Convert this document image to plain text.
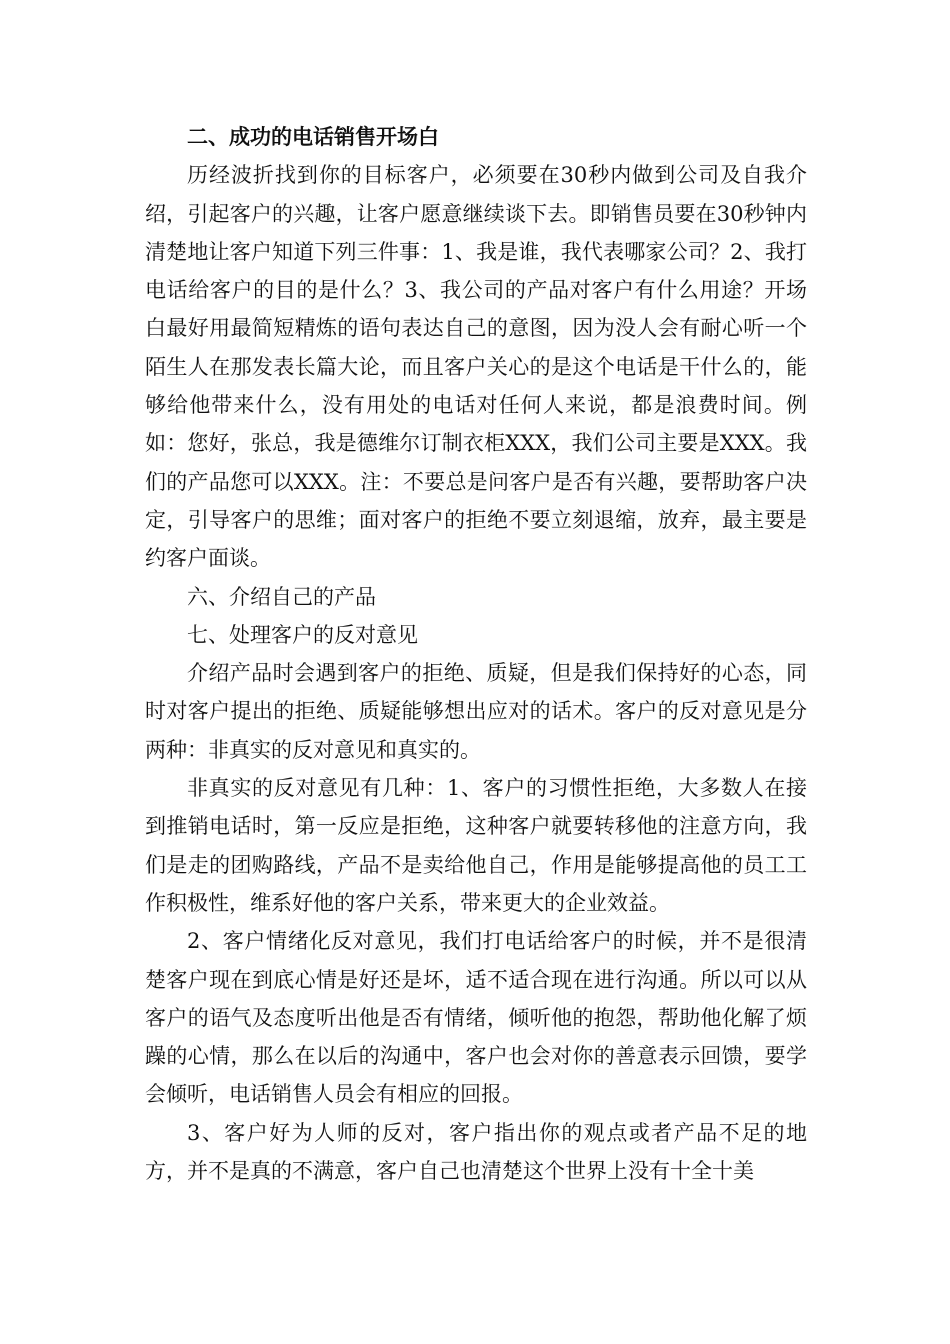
二、成功的电话销售开场白

历经波折找到你的目标客户，必须要在30秒内做到公司及自我介绍，引起客户的兴趣，让客户愿意继续谈下去。即销售员要在30秒钟内清楚地让客户知道下列三件事：1、我是谁，我代表哪家公司？2、我打电话给客户的目的是什么？3、我公司的产品对客户有什么用途？开场白最好用最简短精炼的语句表达自己的意图，因为没人会有耐心听一个陌生人在那发表长篇大论，而且客户关心的是这个电话是干什么的，能够给他带来什么，没有用处的电话对任何人来说，都是浪费时间。例如：您好，张总，我是德维尔订制衣柜XXX，我们公司主要是XXX。我们的产品您可以XXX。注：不要总是问客户是否有兴趣，要帮助客户决定，引导客户的思维；面对客户的拒绝不要立刻退缩，放弃，最主要是约客户面谈。

六、介绍自己的产品

七、处理客户的反对意见

介绍产品时会遇到客户的拒绝、质疑，但是我们保持好的心态，同时对客户提出的拒绝、质疑能够想出应对的话术。客户的反对意见是分两种：非真实的反对意见和真实的。

非真实的反对意见有几种：1、客户的习惯性拒绝，大多数人在接到推销电话时，第一反应是拒绝，这种客户就要转移他的注意方向，我们是走的团购路线，产品不是卖给他自己，作用是能够提高他的员工工作积极性，维系好他的客户关系，带来更大的企业效益。

2、客户情绪化反对意见，我们打电话给客户的时候，并不是很清楚客户现在到底心情是好还是坏，适不适合现在进行沟通。所以可以从客户的语气及态度听出他是否有情绪，倾听他的抱怨，帮助他化解了烦躁的心情，那么在以后的沟通中，客户也会对你的善意表示回馈，要学会倾听，电话销售人员会有相应的回报。

3、客户好为人师的反对，客户指出你的观点或者产品不足的地方，并不是真的不满意，客户自己也清楚这个世界上没有十全十美
